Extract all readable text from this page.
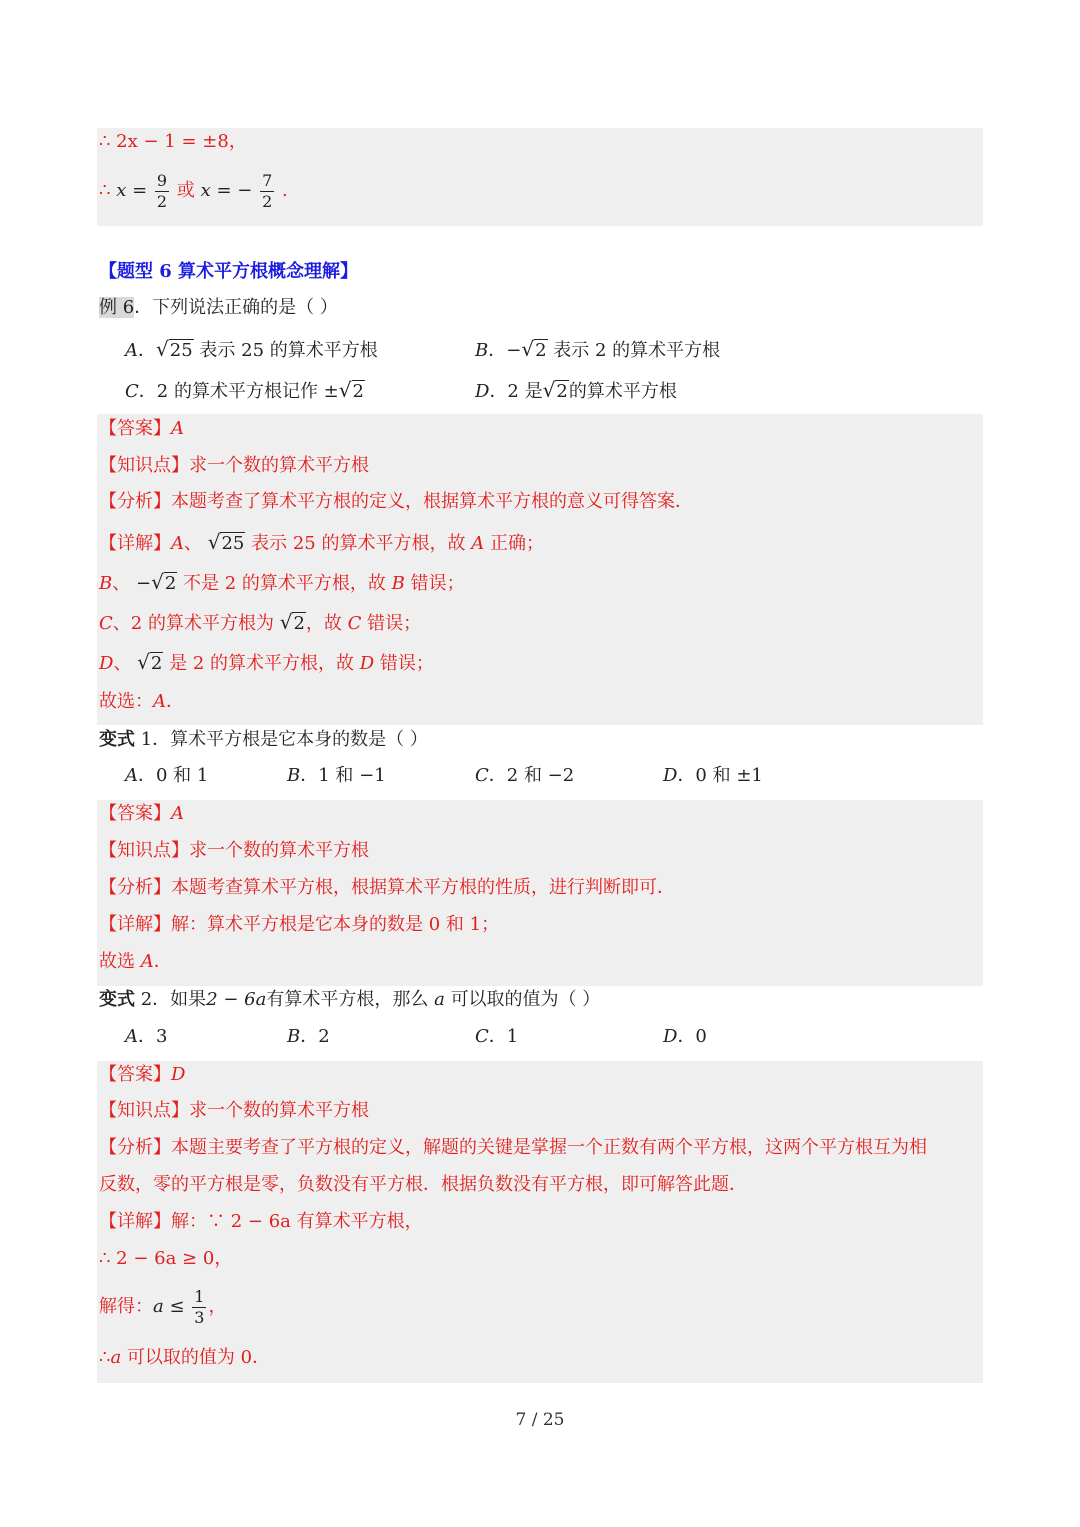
∴ 2x − 1 = ±8，
∴ $x = \frac{9}{2}$ 或 x = − $\frac{7}{2}$ .
【题型 6 算术平方根概念理解】
例 6．下列说法正确的是（ ）
A．√25 表示 25 的算术平方根	B．−√2 表示 2 的算术平方根
C．2 的算术平方根记作 ±√2	D．2 是√2的算术平方根
【答案】A
【知识点】求一个数的算术平方根
【分析】本题考查了算术平方根的定义，根据算术平方根的意义可得答案．
【详解】A、 √25 表示 25 的算术平方根，故 A 正确；
B、 −√2 不是 2 的算术平方根，故 B 错误；
C、2 的算术平方根为 √2，故 C 错误；
D、 √2 是 2 的算术平方根，故 D 错误；
故选：A．
变式 1．算术平方根是它本身的数是（ ）
A．0 和 1	B．1 和 −1	C．2 和 −2	D．0 和 ±1
【答案】A
【知识点】求一个数的算术平方根
【分析】本题考查算术平方根，根据算术平方根的性质，进行判断即可．
【详解】解：算术平方根是它本身的数是 0 和 1；
故选 A．
变式 2．如果2 − 6a有算术平方根，那么 a 可以取的值为（ ）
A．3	B．2	C．1	D．0
【答案】D
【知识点】求一个数的算术平方根
【分析】本题主要考查了平方根的定义，解题的关键是掌握一个正数有两个平方根，这两个平方根互为相
反数，零的平方根是零，负数没有平方根．根据负数没有平方根，即可解答此题．
【详解】解：∵ 2 − 6a 有算术平方根，
∴ 2 − 6a ≥ 0，
解得：$a \le \frac{1}{3}$ ，
∴a 可以取的值为 0．
7 / 25
